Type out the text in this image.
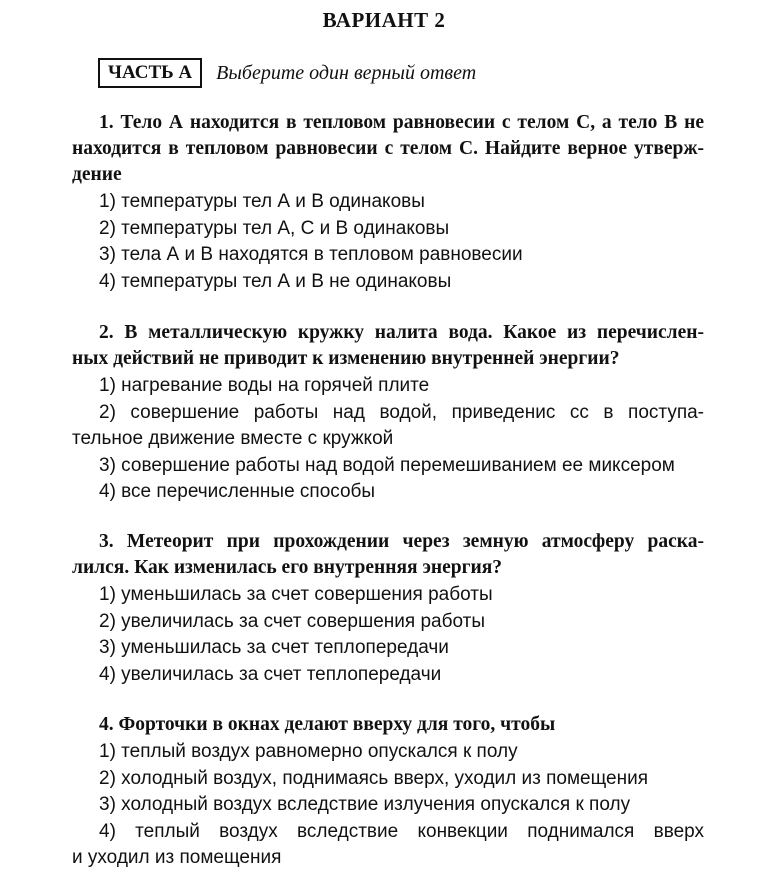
ВАРИАНТ 2
ЧАСТЬ А	Выберите один верный ответ
1. Тело А находится в тепловом равновесии с телом С, а тело В не
находится в тепловом равновесии с телом С. Найдите верное утверж-
дение
1) температуры тел А и В одинаковы
2) температуры тел А, С и В одинаковы
3) тела А и В находятся в тепловом равновесии
4) температуры тел А и В не одинаковы
2. В металлическую кружку налита вода. Какое из перечислен-
ных действий не приводит к изменению внутренней энергии?
1) нагревание воды на горячей плите
2) совершение работы над водой, приведенис сс в поступа-
тельное движение вместе с кружкой
3) совершение работы над водой перемешиванием ее миксером
4) все перечисленные способы
3. Метеорит при прохождении через земную атмосферу раска-
лился. Как изменилась его внутренняя энергия?
1) уменьшилась за счет совершения работы
2) увеличилась за счет совершения работы
3) уменьшилась за счет теплопередачи
4) увеличилась за счет теплопередачи
4. Форточки в окнах делают вверху для того, чтобы
1) теплый воздух равномерно опускался к полу
2) холодный воздух, поднимаясь вверх, уходил из помещения
3) холодный воздух вследствие излучения опускался к полу
4) теплый воздух вследствие конвекции поднимался вверх
и уходил из помещения
